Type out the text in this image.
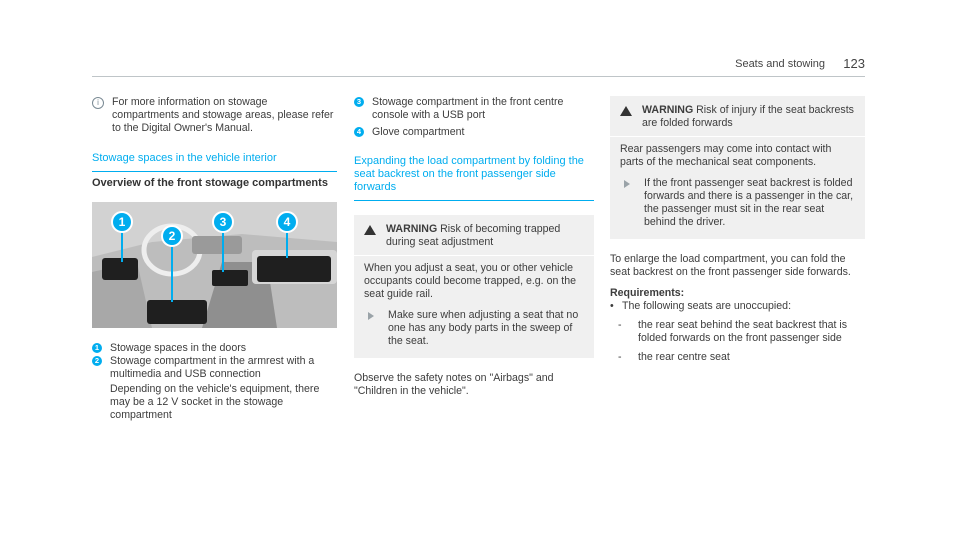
Seats and stowing 123
i	For more information on stowage compartments and stowage areas, please refer to the Digital Owner's Manual.
Stowage spaces in the vehicle interior
Overview of the front stowage compartments
1
2
3	4
1 Stowage spaces in the doors
2 Stowage compartment in the armrest with a multimedia and USB connection
Depending on the vehicle's equipment, there may be a 12 V socket in the stowage compartment
3 Stowage compartment in the front centre console with a USB port
4 Glove compartment
Expanding the load compartment by folding the seat backrest on the front passenger side forwards
WARNING Risk of becoming trapped during seat adjustment
When you adjust a seat, you or other vehicle occupants could become trapped, e.g. on the seat guide rail.
Make sure when adjusting a seat that no one has any body parts in the sweep of the seat.
Observe the safety notes on "Airbags" and "Children in the vehicle".
WARNING Risk of injury if the seat backrests are folded forwards
Rear passengers may come into contact with parts of the mechanical seat components.
If the front passenger seat backrest is folded forwards and there is a passenger in the car, the passenger must sit in the rear seat behind the driver.
To enlarge the load compartment, you can fold the seat backrest on the front passenger side forwards.
Requirements:
• The following seats are unoccupied:
-	the rear seat behind the seat backrest that is folded forwards on the front passenger side
-	the rear centre seat
